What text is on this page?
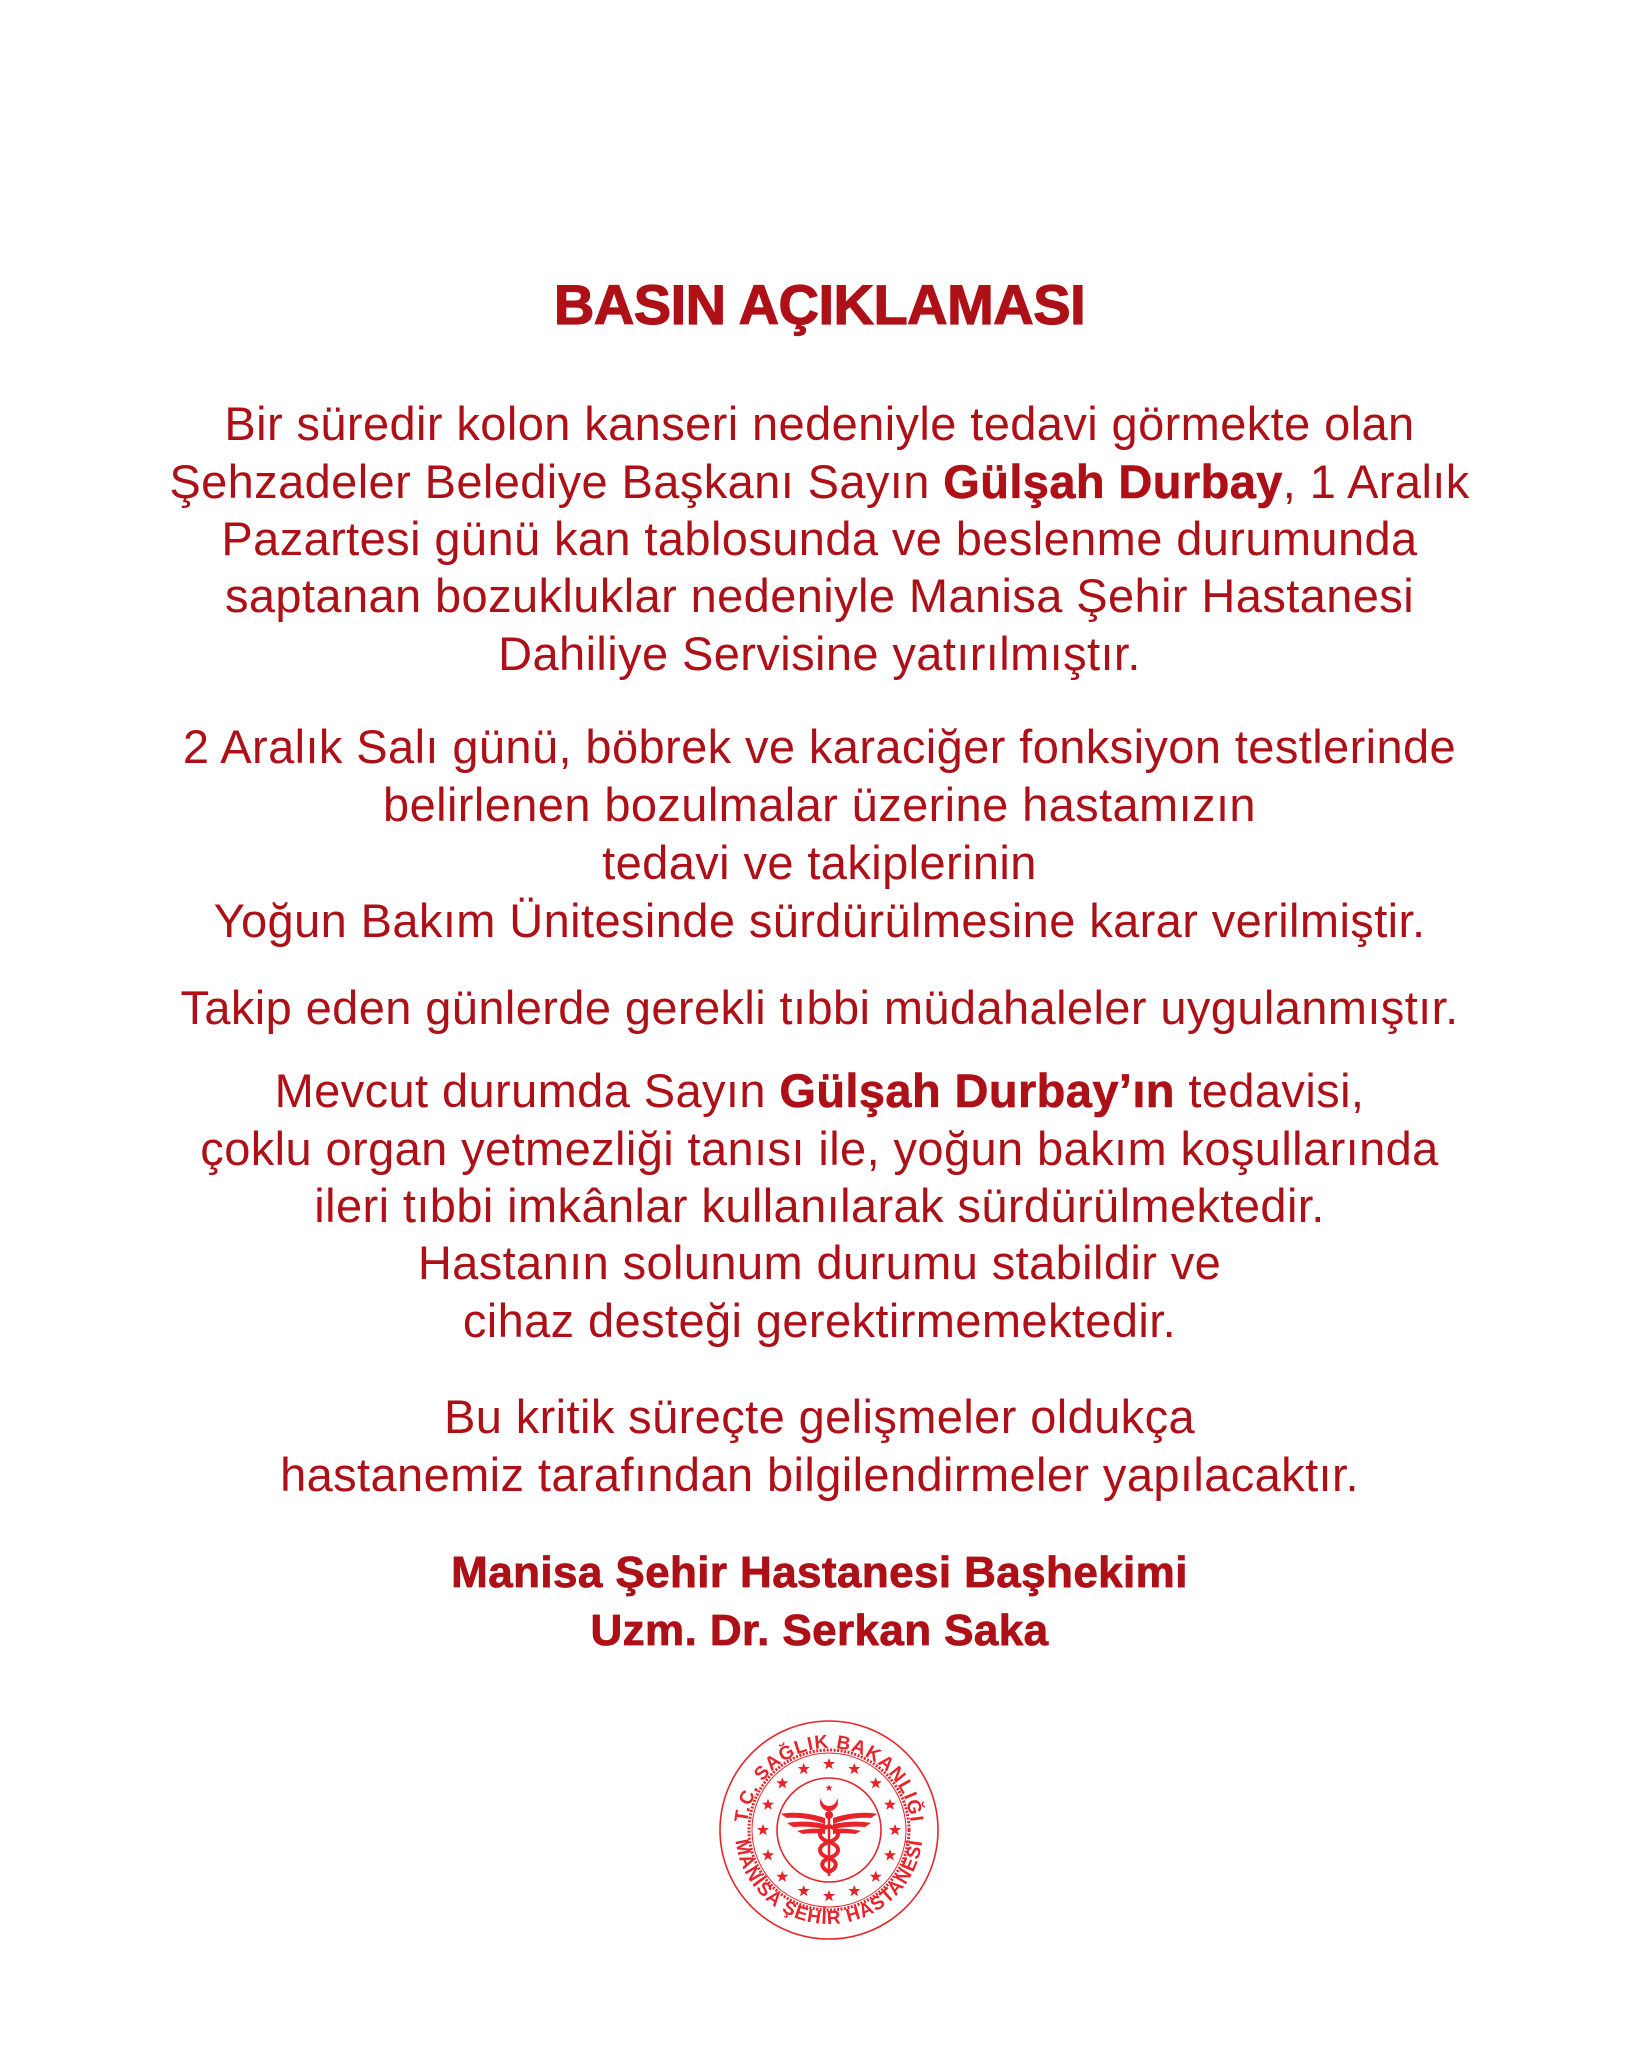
BASIN AÇIKLAMASI
Bir süredir kolon kanseri nedeniyle tedavi görmekte olan
Şehzadeler Belediye Başkanı Sayın Gülşah Durbay, 1 Aralık
Pazartesi günü kan tablosunda ve beslenme durumunda
saptanan bozukluklar nedeniyle Manisa Şehir Hastanesi
Dahiliye Servisine yatırılmıştır.
2 Aralık Salı günü, böbrek ve karaciğer fonksiyon testlerinde
belirlenen bozulmalar üzerine hastamızın
tedavi ve takiplerinin
Yoğun Bakım Ünitesinde sürdürülmesine karar verilmiştir.
Takip eden günlerde gerekli tıbbi müdahaleler uygulanmıştır.
Mevcut durumda Sayın Gülşah Durbay’ın tedavisi,
çoklu organ yetmezliği tanısı ile, yoğun bakım koşullarında
ileri tıbbi imkânlar kullanılarak sürdürülmektedir.
Hastanın solunum durumu stabildir ve
cihaz desteği gerektirmemektedir.
Bu kritik süreçte gelişmeler oldukça
hastanemiz tarafından bilgilendirmeler yapılacaktır.
Manisa Şehir Hastanesi Başhekimi
Uzm. Dr. Serkan Saka
T.C. SAĞLIK BAKANLIĞI
MANİSA ŞEHİR HASTANESİ
